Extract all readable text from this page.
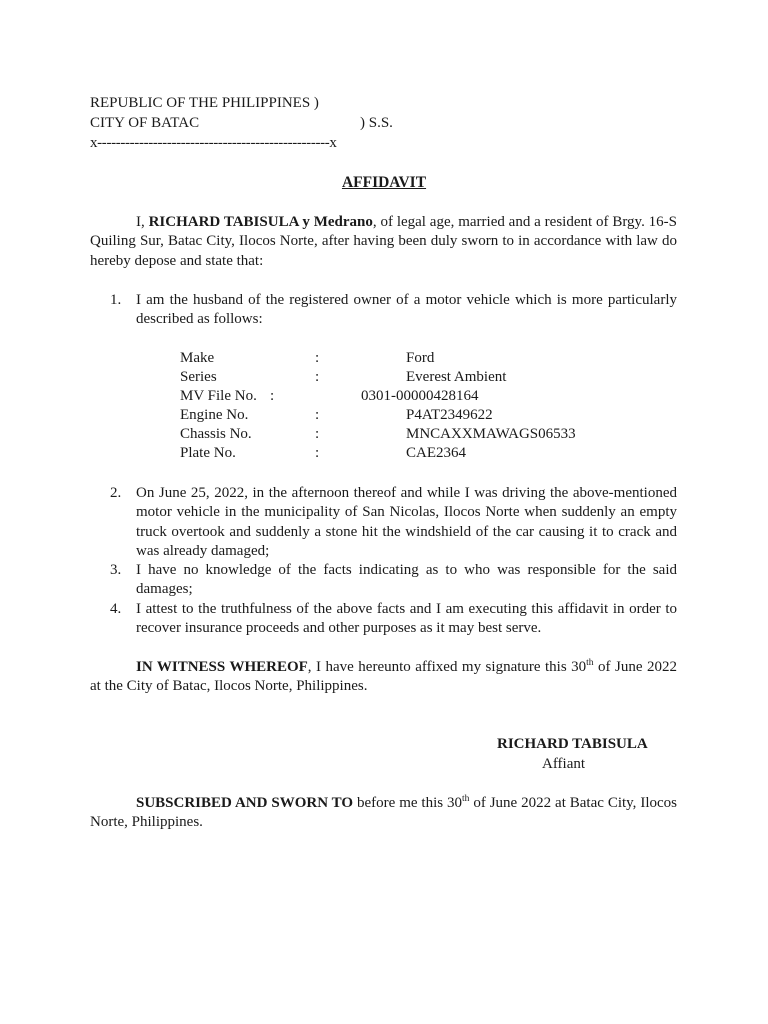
REPUBLIC OF THE PHILIPPINES )
CITY OF BATAC	) S.S.
x--------------------------------------------------x
AFFIDAVIT
I, RICHARD TABISULA y Medrano, of legal age, married and a resident of Brgy. 16-S Quiling Sur, Batac City, Ilocos Norte, after having been duly sworn to in accordance with law do hereby depose and state that:
1. I am the husband of the registered owner of a motor vehicle which is more particularly described as follows:
Make	:	Ford
Series	:	Everest Ambient
MV File No. :	0301-00000428164
Engine No.	:	P4AT2349622
Chassis No.	:	MNCAXXMAWAGS06533
Plate No.	:	CAE2364
2. On June 25, 2022, in the afternoon thereof and while I was driving the above-mentioned motor vehicle in the municipality of San Nicolas, Ilocos Norte when suddenly an empty truck overtook and suddenly a stone hit the windshield of the car causing it to crack and was already damaged;
3. I have no knowledge of the facts indicating as to who was responsible for the said damages;
4. I attest to the truthfulness of the above facts and I am executing this affidavit in order to recover insurance proceeds and other purposes as it may best serve.
IN WITNESS WHEREOF, I have hereunto affixed my signature this 30th of June 2022 at the City of Batac, Ilocos Norte, Philippines.
RICHARD TABISULA
Affiant
SUBSCRIBED AND SWORN TO before me this 30th of June 2022 at Batac City, Ilocos Norte, Philippines.
